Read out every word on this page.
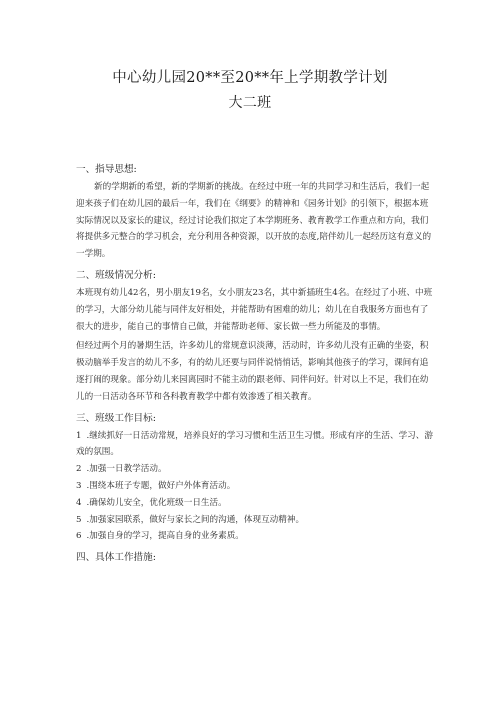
中心幼儿园20**至20**年上学期教学计划
大二班

一、指导思想:

新的学期新的希望，新的学期新的挑战。在经过中班一年的共同学习和生活后，我们一起迎来孩子们在幼儿园的最后一年，我们在《纲要》的精神和《园务计划》的引领下，根据本班实际情况以及家长的建议，经过讨论我们拟定了本学期班务、教育教学工作重点和方向，我们将提供多元整合的学习机会，充分利用各种资源，以开放的态度,陪伴幼儿一起经历这有意义的一学期。

二、班级情况分析:

本班现有幼儿42名，男小朋友19名，女小朋友23名，其中新插班生4名。在经过了小班、中班的学习，大部分幼儿能与同伴友好相处，并能帮助有困难的幼儿；幼儿在自我服务方面也有了很大的进步，能自己的事情自己做，并能帮助老师、家长做一些力所能及的事情。

但经过两个月的暑期生活，许多幼儿的常规意识淡薄，活动时，许多幼儿没有正确的坐姿，积极动脑举手发言的幼儿不多，有的幼儿还要与同伴说悄悄话，影响其他孩子的学习，课间有追逐打闹的现象。部分幼儿来园离园时不能主动的跟老师、同伴问好。针对以上不足，我们在幼儿的一日活动各环节和各科教育教学中都有效渗透了相关教育。

三、班级工作目标:

1 .继续抓好一日活动常规，培养良好的学习习惯和生活卫生习惯。形成有序的生活、学习、游戏的氛围。
2 .加强一日教学活动。
3 .围绕本班子专题，做好户外体育活动。
4 .确保幼儿安全，优化班级一日生活。
5 .加强家园联系，做好与家长之间的沟通，体现互动精神。
6 .加强自身的学习，提高自身的业务素质。

四、具体工作措施:
